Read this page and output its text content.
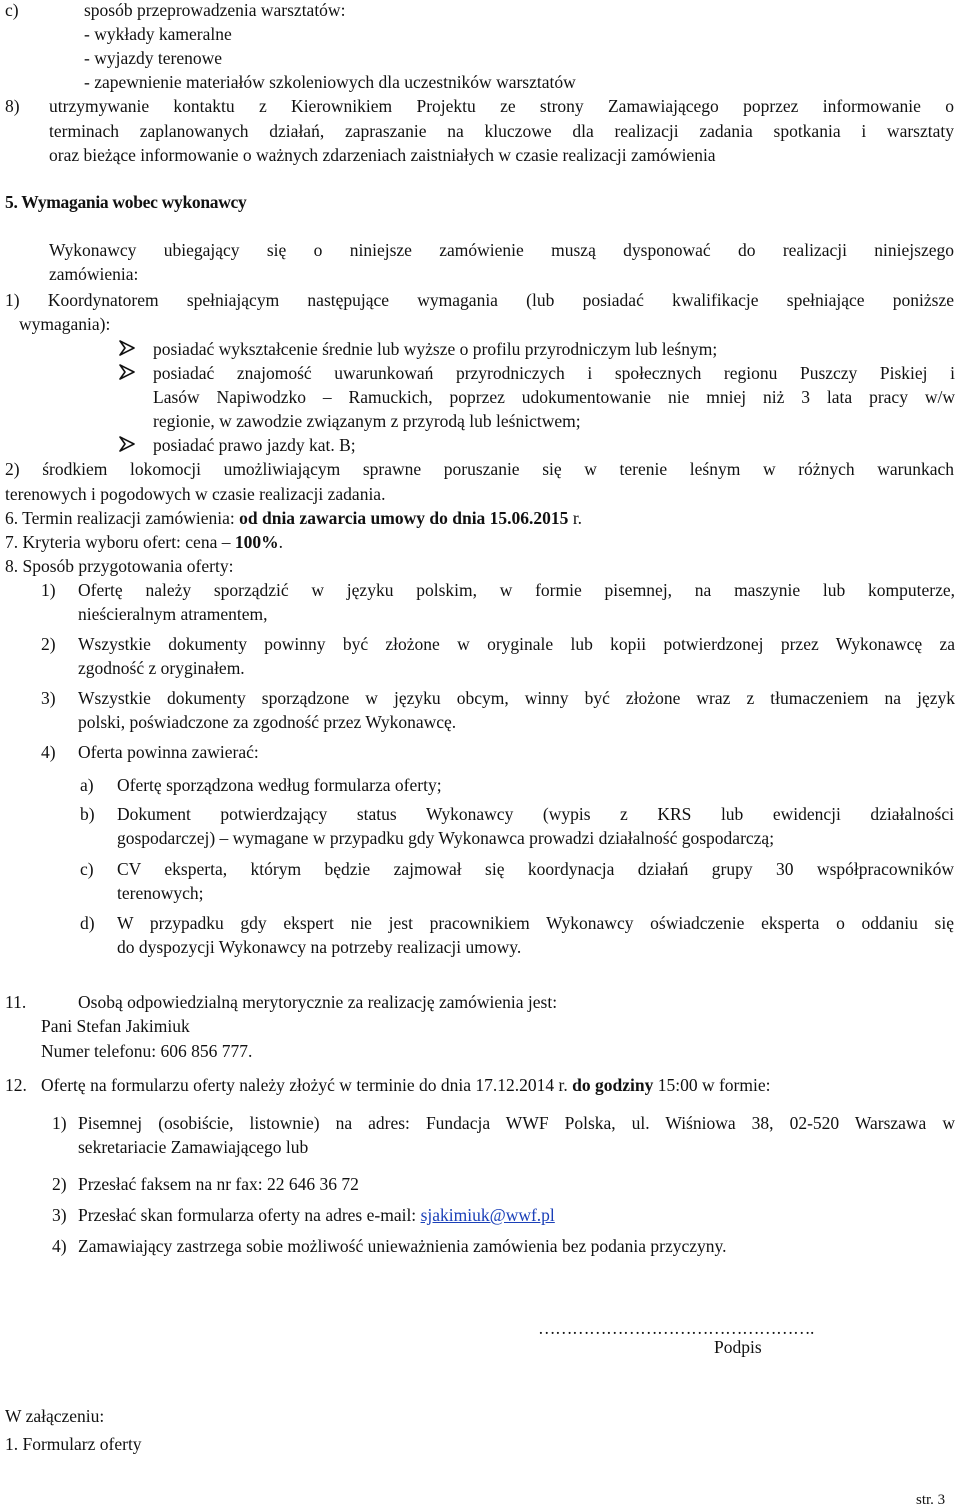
c)	sposób przeprowadzenia warsztatów:
- wykłady kameralne
- wyjazdy terenowe
- zapewnienie materiałów szkoleniowych dla uczestników warsztatów
8) utrzymywanie kontaktu z Kierownikiem Projektu ze strony Zamawiającego poprzez informowanie o
terminach zaplanowanych działań, zapraszanie na kluczowe dla realizacji zadania spotkania i warsztaty
oraz bieżące informowanie o ważnych zdarzeniach zaistniałych w czasie realizacji zamówienia
5. Wymagania wobec wykonawcy
Wykonawcy ubiegający się o niniejsze zamówienie muszą dysponować do realizacji niniejszego
zamówienia:
1) Koordynatorem spełniającym następujące wymagania (lub posiadać kwalifikacje spełniające poniższe
wymagania):
posiadać wykształcenie średnie lub wyższe o profilu przyrodniczym lub leśnym;
posiadać znajomość uwarunkowań przyrodniczych i społecznych regionu Puszczy Piskiej i
Lasów Napiwodzko – Ramuckich, poprzez udokumentowanie nie mniej niż 3 lata pracy w/w
regionie, w zawodzie związanym z przyrodą lub leśnictwem;
posiadać prawo jazdy kat. B;
2) środkiem lokomocji umożliwiającym sprawne poruszanie się w terenie leśnym w różnych warunkach
terenowych i pogodowych w czasie realizacji zadania.
6. Termin realizacji zamówienia: od dnia zawarcia umowy do dnia 15.06.2015 r.
7. Kryteria wyboru ofert: cena – 100%.
8. Sposób przygotowania oferty:
1) Ofertę należy sporządzić w języku polskim, w formie pisemnej, na maszynie lub komputerze,
nieścieralnym atramentem,
2) Wszystkie dokumenty powinny być złożone w oryginale lub kopii potwierdzonej przez Wykonawcę za
zgodność z oryginałem.
3) Wszystkie dokumenty sporządzone w języku obcym, winny być złożone wraz z tłumaczeniem na język
polski, poświadczone za zgodność przez Wykonawcę.
4) Oferta powinna zawierać:
a) Ofertę sporządzona według formularza oferty;
b) Dokument potwierdzający status Wykonawcy (wypis z KRS lub ewidencji działalności
gospodarczej) – wymagane w przypadku gdy Wykonawca prowadzi działalność gospodarczą;
c) CV eksperta, którym będzie zajmował się koordynacja działań grupy 30 współpracowników
terenowych;
d) W przypadku gdy ekspert nie jest pracownikiem Wykonawcy oświadczenie eksperta o oddaniu się
do dyspozycji Wykonawcy na potrzeby realizacji umowy.
11.	Osobą odpowiedzialną merytorycznie za realizację zamówienia jest:
Pani Stefan Jakimiuk
Numer telefonu: 606 856 777.
12. Ofertę na formularzu oferty należy złożyć w terminie do dnia 17.12.2014 r. do godziny 15:00 w formie:
1) Pisemnej (osobiście, listownie) na adres: Fundacja WWF Polska, ul. Wiśniowa 38, 02-520 Warszawa w
sekretariacie Zamawiającego lub
2) Przesłać faksem na nr fax: 22 646 36 72
3) Przesłać skan formularza oferty na adres e-mail: sjakimiuk@wwf.pl
4) Zamawiający zastrzega sobie możliwość unieważnienia zamówienia bez podania przyczyny.
………………………………………….
Podpis
W załączeniu:
1. Formularz oferty
str. 3
